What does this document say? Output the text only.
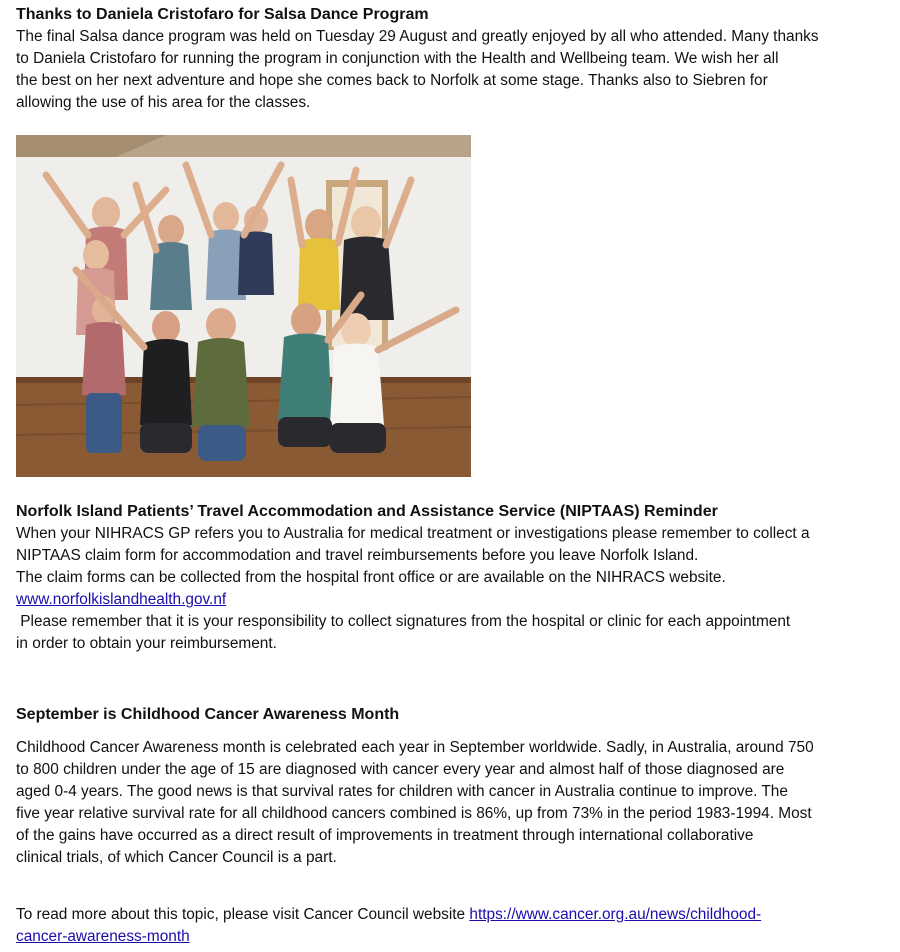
Thanks to Daniela Cristofaro for Salsa Dance Program

The final Salsa dance program was held on Tuesday 29 August and greatly enjoyed by all who attended. Many thanks
to Daniela Cristofaro for running the program in conjunction with the Health and Wellbeing team. We wish her all
the best on her next adventure and hope she comes back to Norfolk at some stage. Thanks also to Siebren for
allowing the use of his area for the classes.

Norfolk Island Patients’ Travel Accommodation and Assistance Service (NIPTAAS) Reminder

When your NIHRACS GP refers you to Australia for medical treatment or investigations please remember to collect a
NIPTAAS claim form for accommodation and travel reimbursements before you leave Norfolk Island.
The claim forms can be collected from the hospital front office or are available on the NIHRACS website.
www.norfolkislandhealth.gov.nf
Please remember that it is your responsibility to collect signatures from the hospital or clinic for each appointment
in order to obtain your reimbursement.

September is Childhood Cancer Awareness Month

Childhood Cancer Awareness month is celebrated each year in September worldwide. Sadly, in Australia, around 750
to 800 children under the age of 15 are diagnosed with cancer every year and almost half of those diagnosed are
aged 0-4 years. The good news is that survival rates for children with cancer in Australia continue to improve. The
five year relative survival rate for all childhood cancers combined is 86%, up from 73% in the period 1983-1994. Most
of the gains have occurred as a direct result of improvements in treatment through international collaborative
clinical trials, of which Cancer Council is a part.

To read more about this topic, please visit Cancer Council website https://www.cancer.org.au/news/childhood-
cancer-awareness-month
